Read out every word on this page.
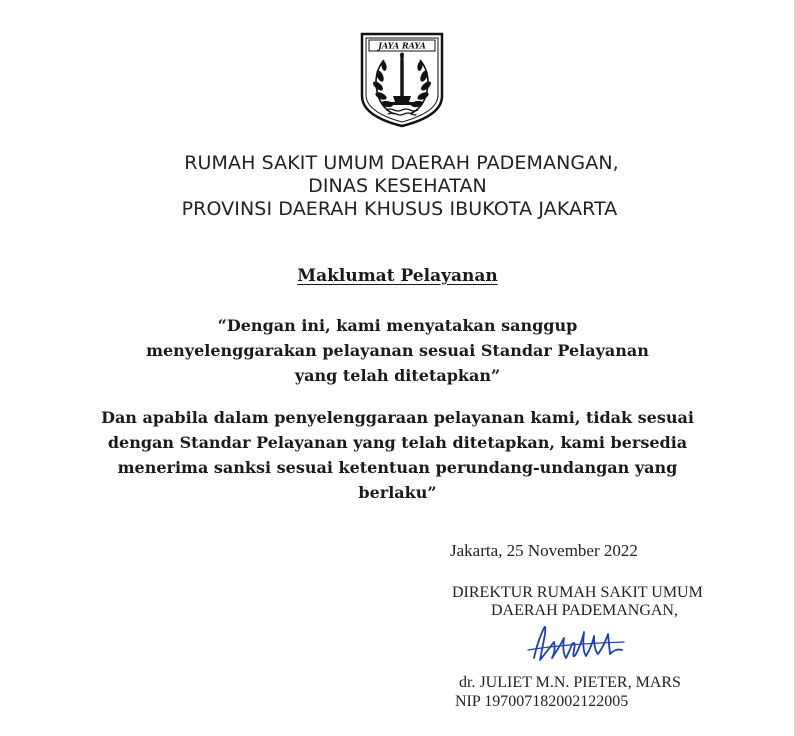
JAYA RAYA
RUMAH SAKIT UMUM DAERAH PADEMANGAN,
DINAS KESEHATAN
PROVINSI DAERAH KHUSUS IBUKOTA JAKARTA
Maklumat Pelayanan
“Dengan ini, kami menyatakan sanggup
menyelenggarakan pelayanan sesuai Standar Pelayanan
yang telah ditetapkan”
Dan apabila dalam penyelenggaraan pelayanan kami, tidak sesuai
dengan Standar Pelayanan yang telah ditetapkan, kami bersedia
menerima sanksi sesuai ketentuan perundang-undangan yang
berlaku”
Jakarta, 25 November 2022
DIREKTUR RUMAH SAKIT UMUM
DAERAH PADEMANGAN,
dr. JULIET M.N. PIETER, MARS
NIP 197007182002122005
